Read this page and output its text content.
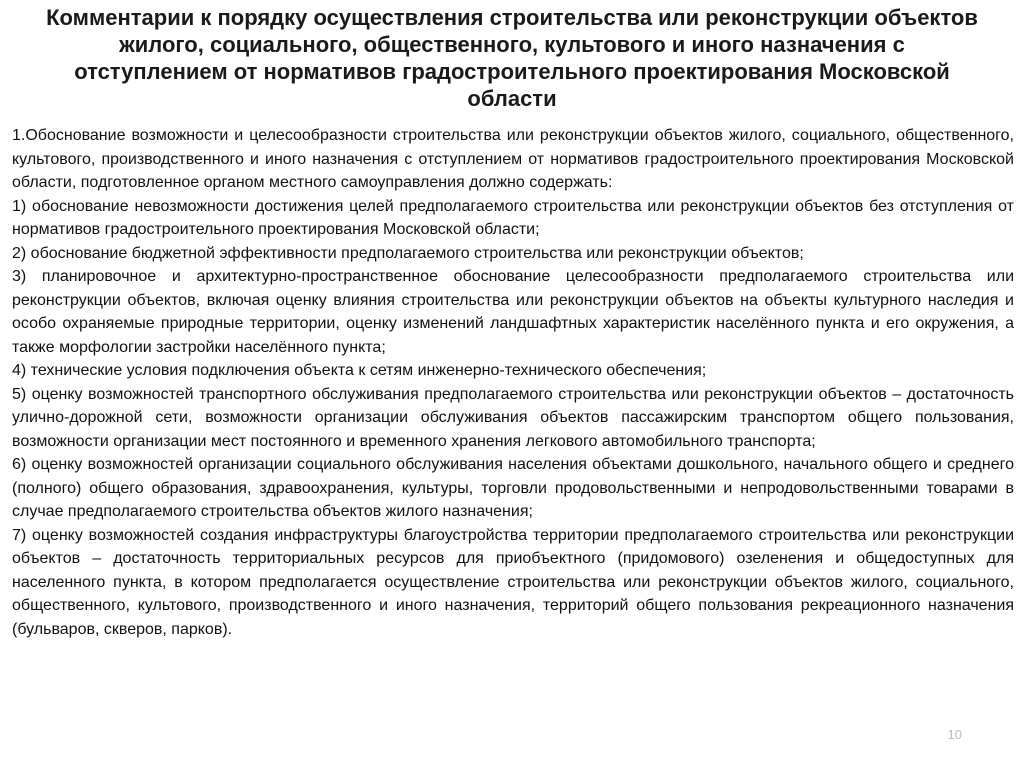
Комментарии к порядку осуществления строительства или реконструкции объектов жилого, социального, общественного, культового и иного назначения с отступлением от нормативов градостроительного проектирования Московской области

1.Обоснование возможности и целесообразности строительства или реконструкции объектов жилого, социального, общественного, культового, производственного и иного назначения с отступлением от нормативов градостроительного проектирования Московской области, подготовленное органом местного самоуправления должно содержать:

1) обоснование невозможности достижения целей предполагаемого строительства или реконструкции объектов без отступления от нормативов градостроительного проектирования Московской области;

2) обоснование бюджетной эффективности предполагаемого строительства или реконструкции объектов;

3) планировочное и архитектурно-пространственное обоснование целесообразности предполагаемого строительства или реконструкции объектов, включая оценку влияния строительства или реконструкции объектов на объекты культурного наследия и особо охраняемые природные территории, оценку изменений ландшафтных характеристик населённого пункта и его окружения, а также морфологии застройки населённого пункта;

4) технические условия подключения объекта к сетям инженерно-технического обеспечения;

5) оценку возможностей транспортного обслуживания предполагаемого строительства или реконструкции объектов – достаточность улично-дорожной сети, возможности организации обслуживания объектов пассажирским транспортом общего пользования, возможности организации мест постоянного и временного хранения легкового автомобильного транспорта;

6) оценку возможностей организации социального обслуживания населения объектами дошкольного, начального общего и среднего (полного) общего образования, здравоохранения, культуры, торговли продовольственными и непродовольственными товарами в случае предполагаемого строительства объектов жилого назначения;

7) оценку возможностей создания инфраструктуры благоустройства территории предполагаемого строительства или реконструкции объектов – достаточность территориальных ресурсов для приобъектного (придомового) озеленения и общедоступных для населенного пункта, в котором предполагается осуществление строительства или реконструкции объектов жилого, социального, общественного, культового, производственного и иного назначения, территорий общего пользования рекреационного назначения (бульваров, скверов, парков).

10
